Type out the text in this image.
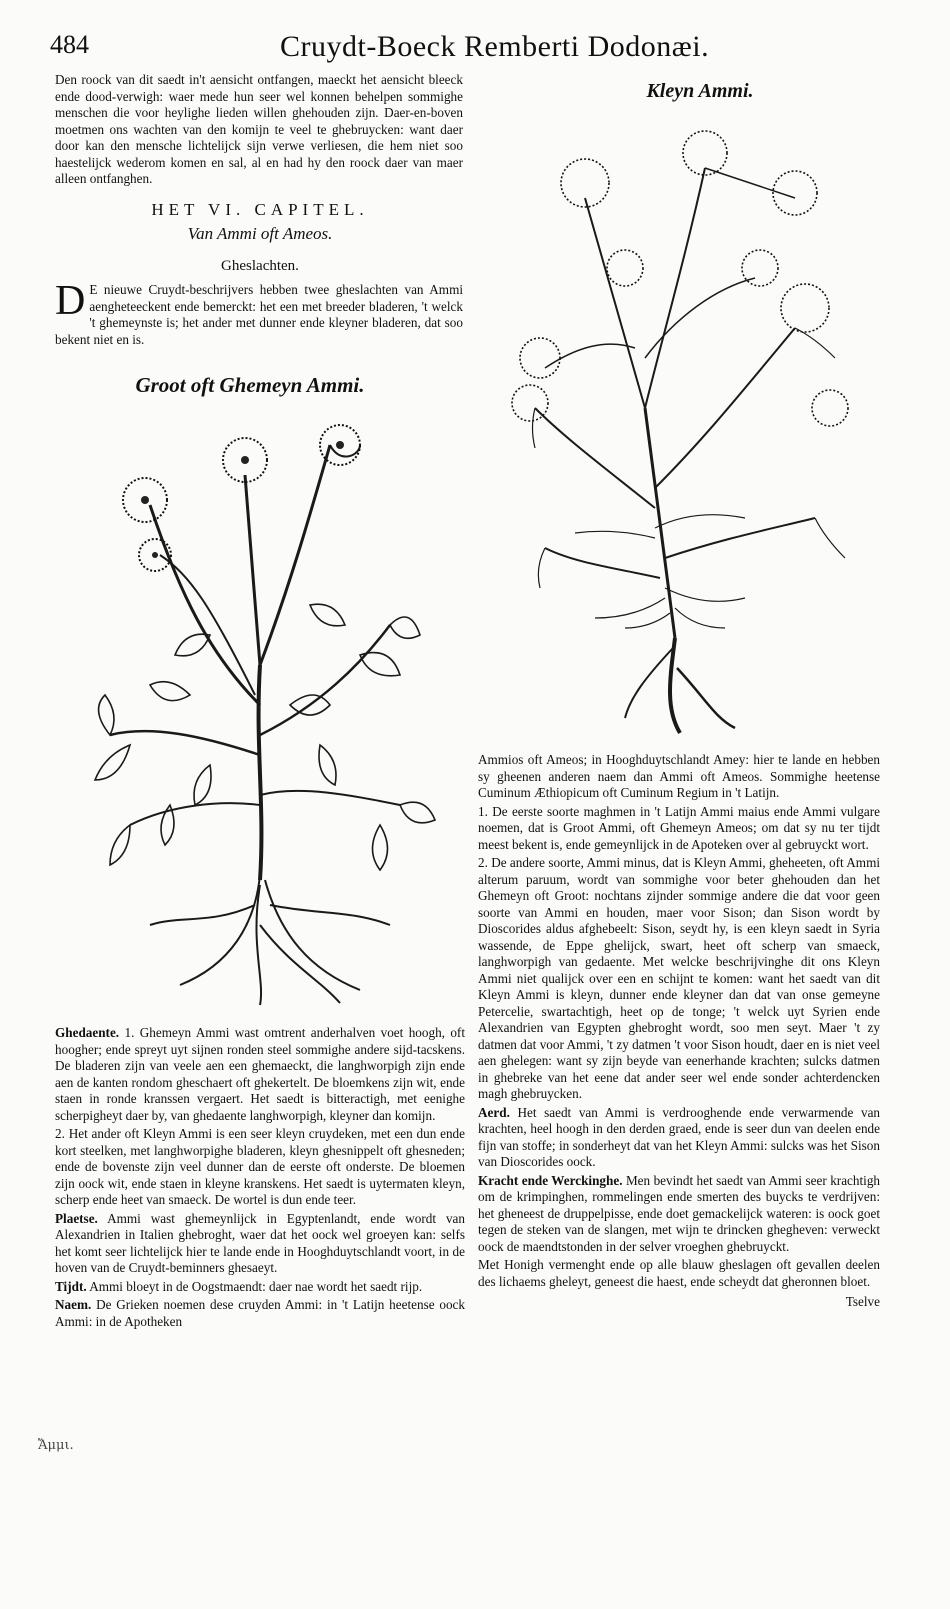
484	Cruydt-Boeck Remberti Dodonæi.

Den roock van dit saedt in't aensicht ontfangen, maeckt het aensicht bleeck ende dood-verwigh: waer mede hun seer wel konnen behelpen sommighe menschen die voor heylighe lieden willen ghehouden zijn. Daer-en-boven moetmen ons wachten van den komijn te veel te ghebruycken: want daer door kan den mensche lichtelijck sijn verwe verliesen, die hem niet soo haestelijck wederom komen en sal, al en had hy den roock daer van maer alleen ontfanghen.

HET VI. CAPITEL.
Van Ammi oft Ameos.
Gheslachten.
D E nieuwe Cruydt-beschrijvers hebben twee gheslachten van Ammi aengheteeckent ende bemerckt: het een met breeder bladeren, 't welck 't ghemeynste is; het ander met dunner ende kleyner bladeren, dat soo bekent niet en is.
Groot oft Ghemeyn Ammi.
Kleyn Ammi.

Ghedaente. 1. Ghemeyn Ammi wast omtrent anderhalven voet hoogh, oft hoogher; ende spreyt uyt sijnen ronden steel sommighe andere sijd-tacskens. De bladeren zijn van veele aen een ghemaeckt, die langhworpigh zijn ende aen de kanten rondom gheschaert oft ghekertelt. De bloemkens zijn wit, ende staen in ronde kranssen vergaert. Het saedt is bitteractigh, met eenighe scherpigheyt daer by, van ghedaente langhworpigh, kleyner dan komijn.

2. Het ander oft Kleyn Ammi is een seer kleyn cruydeken, met een dun ende kort steelken, met langhworpighe bladeren, kleyn ghesnippelt oft ghesneden; ende de bovenste zijn veel dunner dan de eerste oft onderste. De bloemen zijn oock wit, ende staen in kleyne kranskens. Het saedt is uytermaten kleyn, scherp ende heet van smaeck. De wortel is dun ende teer.

Plaetse. Ammi wast ghemeynlijck in Egyptenlandt, ende wordt van Alexandrien in Italien ghebroght, waer dat het oock wel groeyen kan: selfs het komt seer lichtelijck hier te lande ende in Hooghduytschlandt voort, in de hoven van de Cruydt-beminners ghesaeyt.

Tijdt. Ammi bloeyt in de Oogstmaendt: daer nae wordt het saedt rijp.

Naem. De Grieken noemen dese cruyden Ammi: in 't Latijn heetense oock Ammi: in de Apotheken

Ἄμμι.

Ammios oft Ameos; in Hooghduytschlandt Amey: hier te lande en hebben sy gheenen anderen naem dan Ammi oft Ameos. Sommighe heetense Cuminum Æthiopicum oft Cuminum Regium in 't Latijn.

1. De eerste soorte maghmen in 't Latijn Ammi maius ende Ammi vulgare noemen, dat is Groot Ammi, oft Ghemeyn Ameos; om dat sy nu ter tijdt meest bekent is, ende gemeynlijck in de Apoteken over al gebruyckt wort.

2. De andere soorte, Ammi minus, dat is Kleyn Ammi, gheheeten, oft Ammi alterum paruum, wordt van sommighe voor beter ghehouden dan het Ghemeyn oft Groot: nochtans zijnder sommige andere die dat voor geen soorte van Ammi en houden, maer voor Sison; dan Sison wordt by Dioscorides aldus afghebeelt: Sison, seydt hy, is een kleyn saedt in Syria wassende, de Eppe ghelijck, swart, heet oft scherp van smaeck, langhworpigh van gedaente. Met welcke beschrijvinghe dit ons Kleyn Ammi niet qualijck over een en schijnt te komen: want het saedt van dit Kleyn Ammi is kleyn, dunner ende kleyner dan dat van onse gemeyne Petercelie, swartachtigh, heet op de tonge; 't welck uyt Syrien ende Alexandrien van Egypten ghebroght wordt, soo men seyt. Maer 't zy datmen dat voor Ammi, 't zy datmen 't voor Sison houdt, daer en is niet veel aen ghelegen: want sy zijn beyde van eenerhande krachten; sulcks datmen in ghebreke van het eene dat ander seer wel ende sonder achterdencken magh ghebruycken.

Aerd. Het saedt van Ammi is verdrooghende ende verwarmende van krachten, heel hoogh in den derden graed, ende is seer dun van deelen ende fijn van stoffe; in sonderheyt dat van het Kleyn Ammi: sulcks was het Sison van Dioscorides oock.

Kracht ende Werckinghe. Men bevindt het saedt van Ammi seer krachtigh om de krimpinghen, rommelingen ende smerten des buycks te verdrijven: het gheneest de druppelpisse, ende doet gemackelijck wateren: is oock goet tegen de steken van de slangen, met wijn te drincken ghegheven: verweckt oock de maendtstonden in der selver vroeghen ghebruyckt.

Met Honigh vermenght ende op alle blauw gheslagen oft gevallen deelen des lichaems gheleyt, geneest die haest, ende scheydt dat gheronnen bloet.

Tselve
